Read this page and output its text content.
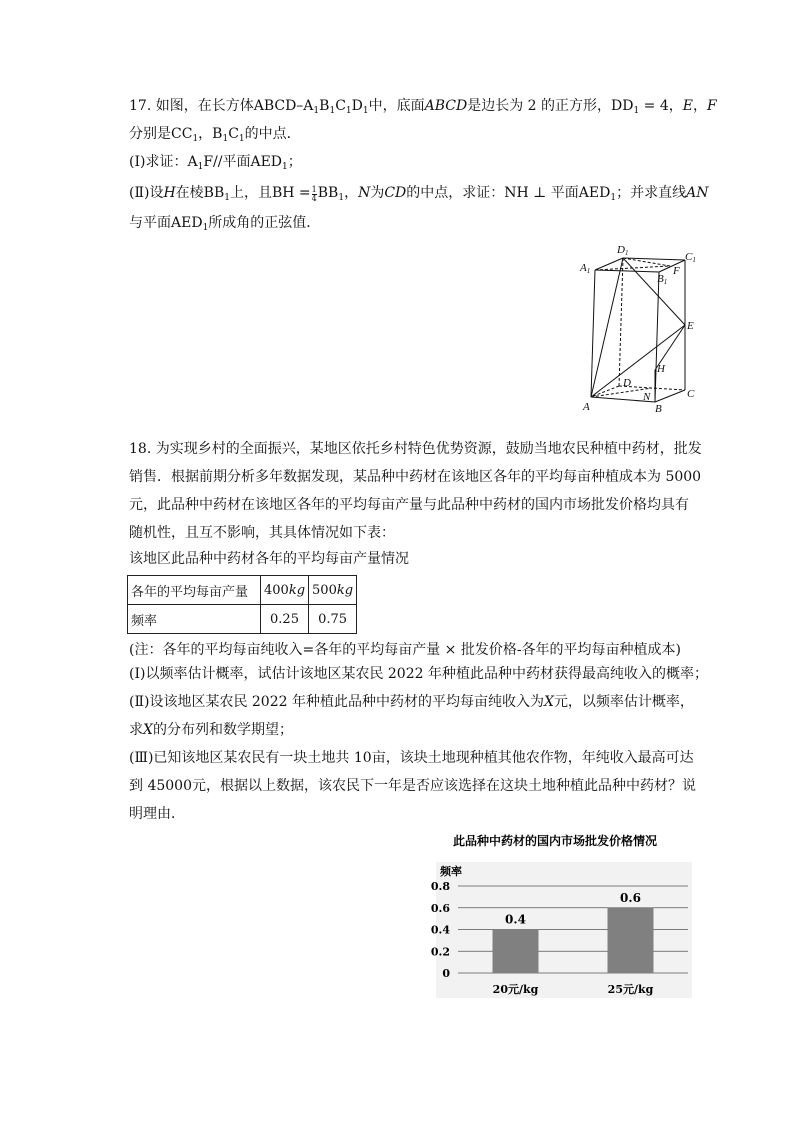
17. 如图，在长方体ABCD–$A_1B_1C_1D_1$中，底面ABCD是边长为 2 的正方形，$DD_1 = 4$，E，F
分别是$CC_1$，$B_1C_1$的中点．
(Ⅰ)求证：$A_1F//$平面$AED_1$；
(Ⅱ)设H在棱$BB_1$上，且BH = $\frac{1}{4} BB_1$，N为CD的中点，求证：NH ⊥ 平面$AED_1$；并求直线AN
与平面$AED_1$所成角的正弦值．
A1
D1	C1
B1
F
E
H
D
C
A
N
B
18. 为实现乡村的全面振兴，某地区依托乡村特色优势资源，鼓励当地农民种植中药材，批发
销售．根据前期分析多年数据发现，某品种中药材在该地区各年的平均每亩种植成本为 5000
元，此品种中药材在该地区各年的平均每亩产量与此品种中药材的国内市场批发价格均具有
随机性，且互不影响，其具体情况如下表：
该地区此品种中药材各年的平均每亩产量情况
各年的平均每亩产量	400kg	500kg
频率	0.25	0.75
(注：各年的平均每亩纯收入=各年的平均每亩产量 × 批发价格-各年的平均每亩种植成本)
(Ⅰ)以频率估计概率，试估计该地区某农民 2022 年种植此品种中药材获得最高纯收入的概率；
(Ⅱ)设该地区某农民 2022 年种植此品种中药材的平均每亩纯收入为X元，以频率估计概率，
求X的分布列和数学期望；
(Ⅲ)已知该地区某农民有一块土地共 10亩，该块土地现种植其他农作物，年纯收入最高可达
到 45000元，根据以上数据，该农民下一年是否应该选择在这块土地种植此品种中药材？说
明理由．
此品种中药材的国内市场批发价格情况
频率
0
0.2
0.4
0.6
0.8
0.4
0.6
20元/kg	25元/kg
